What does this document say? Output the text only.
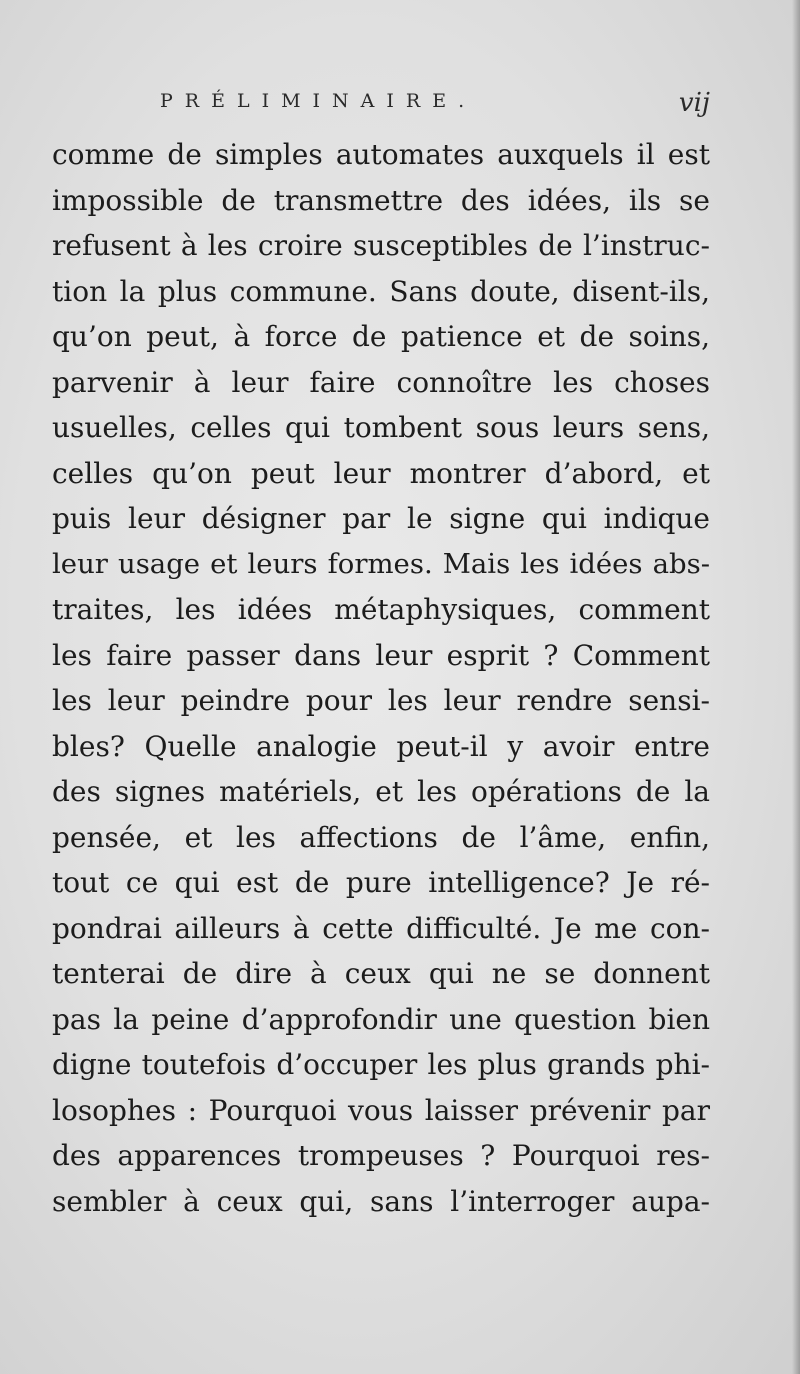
PRÉLIMINAIRE.	vij
comme de simples automates auxquels il est
impossible de transmettre des idées, ils se
refusent à les croire susceptibles de l’instruc-
tion la plus commune. Sans doute, disent-ils,
qu’on peut, à force de patience et de soins,
parvenir à leur faire connoître les choses
usuelles, celles qui tombent sous leurs sens,
celles qu’on peut leur montrer d’abord, et
puis leur désigner par le signe qui indique
leur usage et leurs formes. Mais les idées abs-
traites, les idées métaphysiques, comment
les faire passer dans leur esprit ? Comment
les leur peindre pour les leur rendre sensi-
bles? Quelle analogie peut-il y avoir entre
des signes matériels, et les opérations de la
pensée, et les affections de l’âme, enfin,
tout ce qui est de pure intelligence? Je ré-
pondrai ailleurs à cette difficulté. Je me con-
tenterai de dire à ceux qui ne se donnent
pas la peine d’approfondir une question bien
digne toutefois d’occuper les plus grands phi-
losophes : Pourquoi vous laisser prévenir par
des apparences trompeuses ? Pourquoi res-
sembler à ceux qui, sans l’interroger aupa-
